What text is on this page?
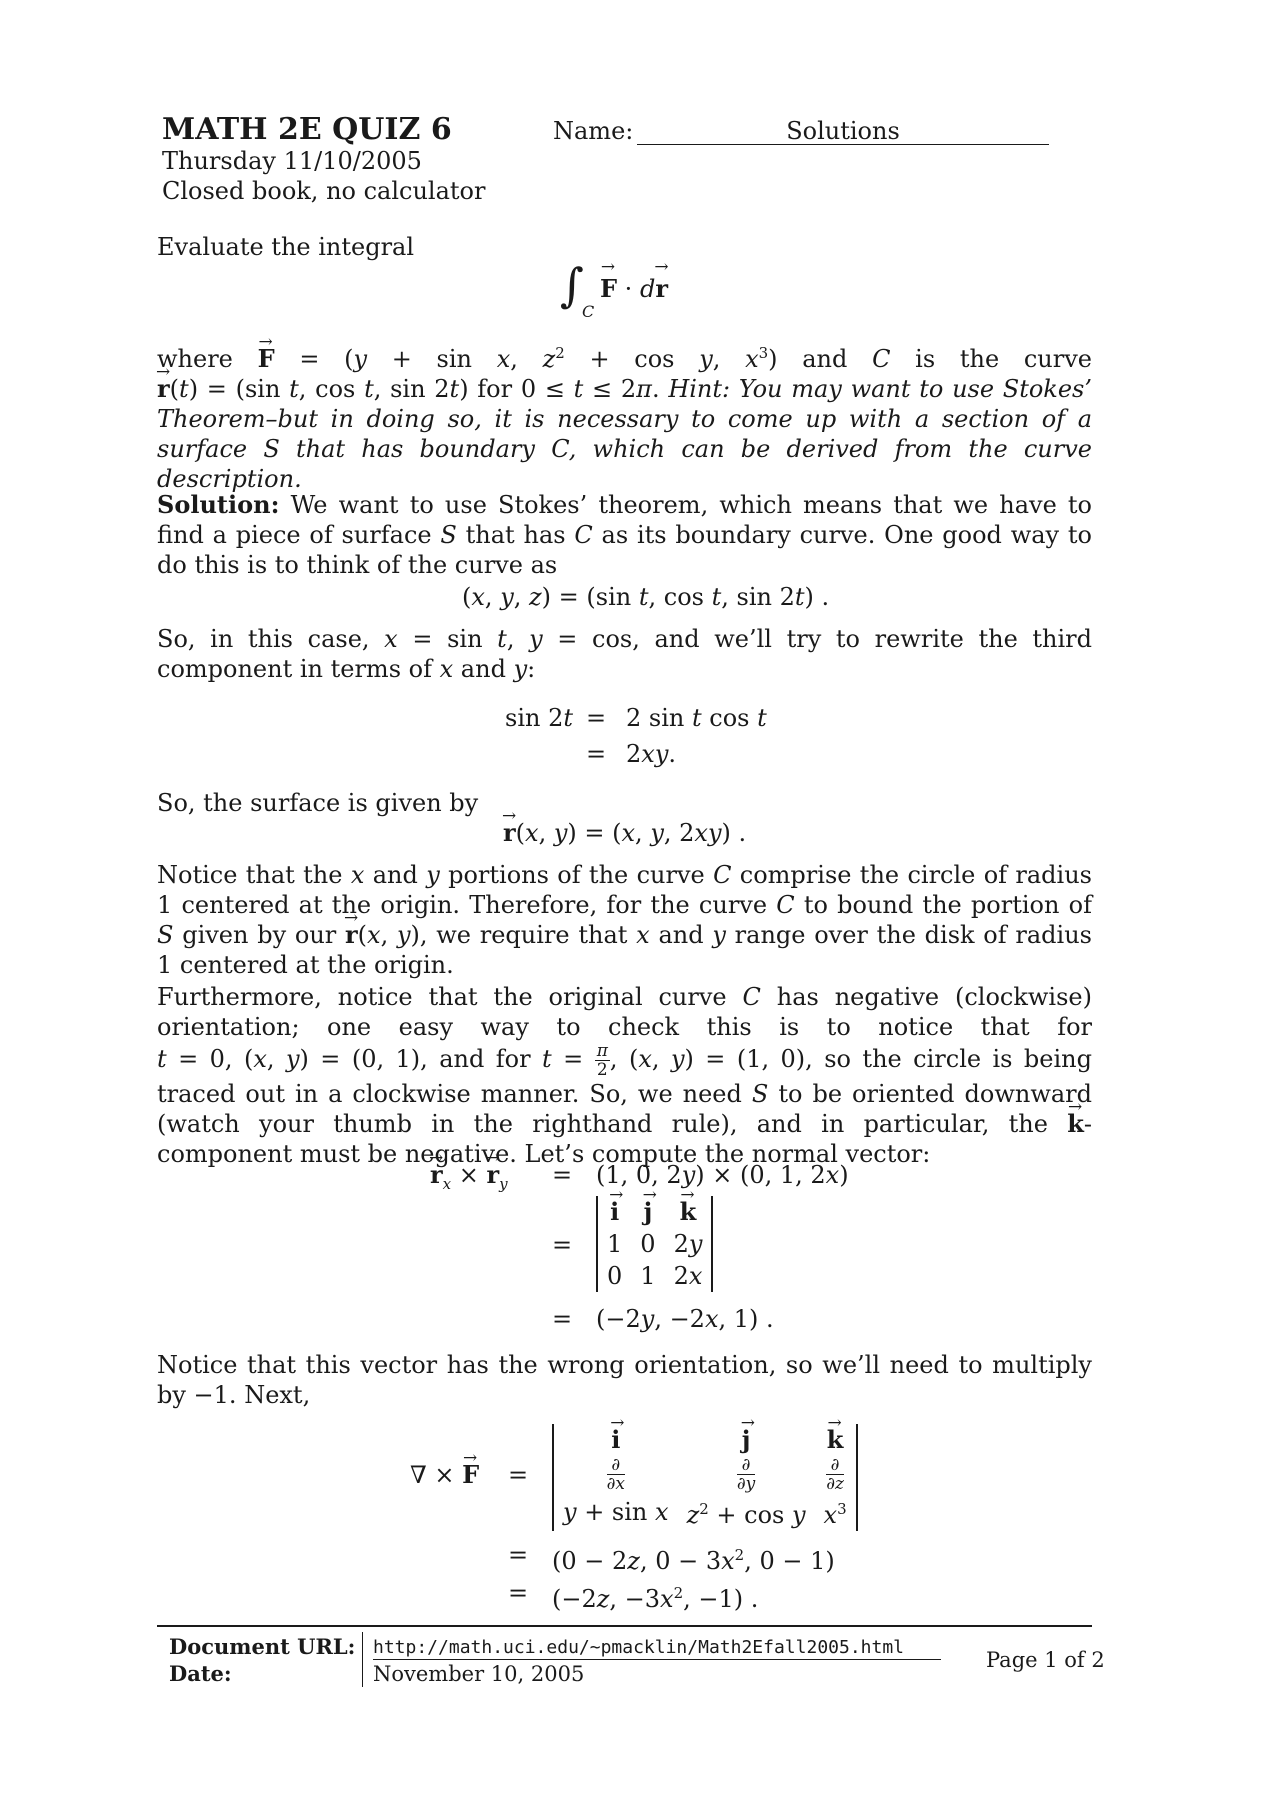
MATH 2E QUIZ 6
Thursday 11/10/2005
Closed book, no calculator
Name:	Solutions
Evaluate the integral
∫
C
→ F · d→ r
where → F = (y + sin x, $z^2 + \cos y$, $x^3$) and C is the curve → r(t) = (sin t, cos t, sin 2t) for 0 ≤ t ≤ 2π. Hint: You may want to use Stokes’ Theorem–but in doing so, it is necessary to come up with a section of a surface S that has boundary C, which can be derived from the curve description.
Solution: We want to use Stokes’ theorem, which means that we have to find a piece of surface S that has C as its boundary curve. One good way to do this is to think of the curve as
(x, y, z) = (sin t, cos t, sin 2t) .
So, in this case, x = sin t, y = cos, and we’ll try to rewrite the third component in terms of x and y:
sin 2t = 2 sin t cos t
= 2xy.
So, the surface is given by
→ r(x, y) = (x, y, 2xy) .
Notice that the x and y portions of the curve C comprise the circle of radius 1 centered at the origin. Therefore, for the curve C to bound the portion of S given by our → r(x, y), we require that x and y range over the disk of radius 1 centered at the origin.
Furthermore, notice that the original curve C has negative (clockwise) orientation; one easy way to check this is to notice that for t = 0, (x, y) = (0, 1), and for $t = \frac{\pi}{2}$ , (x, y) = (1, 0), so the circle is being traced out in a clockwise manner. So, we need S to be oriented downward (watch your thumb in the righthand rule), and in particular, the → k-component must be negative. Let’s compute the normal vector:
→ $r_x$ × → $r_y = (1$, 0, 2y) × (0, 1, 2x)
=
→ i	→ j	→ k
1	0	2y
0	1	2x
= (−2y, −2x, 1) .
Notice that this vector has the wrong orientation, so we’ll need to multiply by −1. Next,
∇ × → F =
→ i	→ j	→ k

$\frac{\partial}{\partial x}$	$\frac{\partial}{\partial y}$	$\frac{\partial}{\partial z}$

y + sin x	$z^2 + \cos y$	$x^3$
= (0 − 2z, $0 - 3x^2$, 0 − 1)
= (−2z, $-3x^2$, −1) .
Document URL: http://math.uci.edu/~pmacklin/Math2Efall2005.html
Date:	November 10, 2005
Page 1 of 2
